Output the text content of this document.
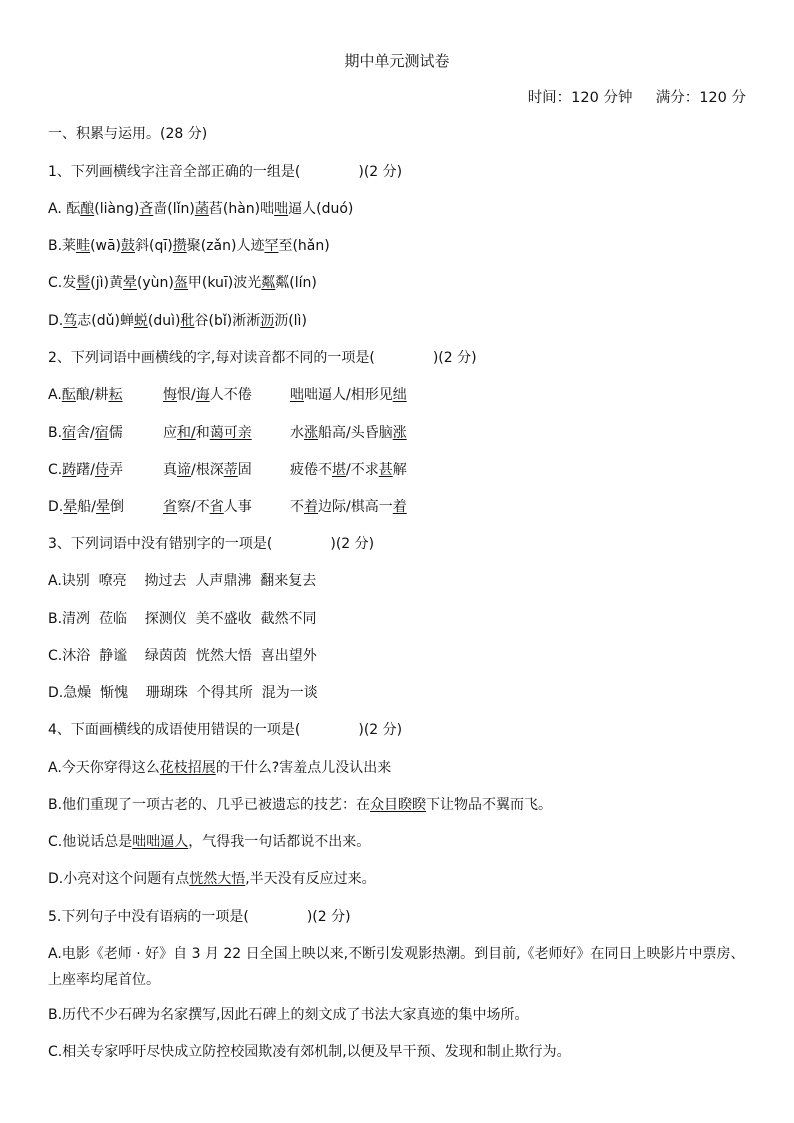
期中单元测试卷
时间：120 分钟 满分：120 分
一、积累与运用。(28 分)
1、下列画横线字注音全部正确的一组是(	)(2 分)
A. 酝酿(liàng)吝啬(lǐn)菡萏(hàn)咄咄逼人(duó)
B.莱畦(wā)鼓斜(qī)攒聚(zǎn)人迹罕至(hǎn)
C.发髻(jì)黄晕(yùn)盔甲(kuī)波光粼粼(lín)
D.笃志(dǔ)蝉蜕(duì)秕谷(bǐ)淅淅沥沥(lì)
2、下列词语中画横线的字,每对读音都不同的一项是(	)(2 分)
A.酝酿/耕耘	悔恨/诲人不倦	咄咄逼人/相形见绌
B.宿舍/宿儒	应和/和蔼可亲	水涨船高/头昏脑涨
C.踌躇/侍弄	真谛/根深蒂固	疲倦不堪/不求甚解
D.晕船/晕倒	省察/不省人事	不着边际/棋高一着
3、下列词语中没有错别字的一项是(	)(2 分)
A.诀别  嘹亮    拗过去  人声鼎沸  翻来复去
B.清冽  莅临    探测仪  美不盛收  截然不同
C.沐浴  静谧    绿茵茵  恍然大悟  喜出望外
D.急燥  惭愧    珊瑚珠  个得其所  混为一谈
4、下面画横线的成语使用错误的一项是(	)(2 分)
A.今天你穿得这么花枝招展的干什么?害羞点儿没认出来
B.他们重现了一项古老的、几乎已被遗忘的技艺：在众目睽睽下让物品不翼而飞。
C.他说话总是咄咄逼人，气得我一句话都说不出来。
D.小亮对这个问题有点恍然大悟,半天没有反应过来。
5.下列句子中没有语病的一项是(	)(2 分)
A.电影《老师 · 好》自 3 月 22 日全国上映以来,不断引发观影热潮。到目前,《老师好》在同日上映影片中票房、上座率均尾首位。
B.历代不少石碑为名家撰写,因此石碑上的刻文成了书法大家真迹的集中场所。
C.相关专家呼吁尽快成立防控校园欺凌有郊机制,以便及早干预、发现和制止欺行为。
